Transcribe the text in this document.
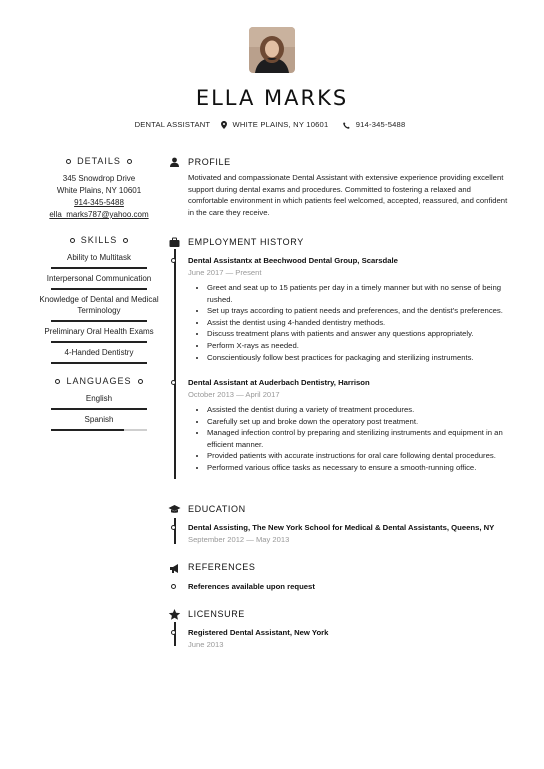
ELLA MARKS
DENTAL ASSISTANT	WHITE PLAINS, NY 10601	914-345-5488
DETAILS

345 Snowdrop Drive

White Plains, NY 10601

914-345-5488

ella_marks787@yahoo.com

SKILLS
Ability to Multitask
Interpersonal Communication
Knowledge of Dental and Medical Terminology
Preliminary Oral Health Exams
4-Handed Dentistry
LANGUAGES
English
Spanish
PROFILE
Motivated and compassionate Dental Assistant with extensive experience providing excellent support during dental exams and procedures. Committed to fostering a relaxed and comfortable environment in which patients feel welcomed, accepted, reassured, and confident in the care they receive.
EMPLOYMENT HISTORY
Dental Assistantx at Beechwood Dental Group, Scarsdale
June 2017 — Present
• Greet and seat up to 15 patients per day in a timely manner but with no sense of being rushed.
• Set up trays according to patient needs and preferences, and the dentist's preferences.
• Assist the dentist using 4-handed dentistry methods.
• Discuss treatment plans with patients and answer any questions appropriately.
• Perform X-rays as needed.
• Conscientiously follow best practices for packaging and sterilizing instruments.
Dental Assistant at Auderbach Dentistry, Harrison
October 2013 — April 2017
• Assisted the dentist during a variety of treatment procedures.
• Carefully set up and broke down the operatory post treatment.
• Managed infection control by preparing and sterilizing instruments and equipment in an efficient manner.
• Provided patients with accurate instructions for oral care following dental procedures.
• Performed various office tasks as necessary to ensure a smooth-running office.
EDUCATION
Dental Assisting, The New York School for Medical & Dental Assistants, Queens, NY
September 2012 — May 2013
REFERENCES
References available upon request
LICENSURE
Registered Dental Assistant, New York
June 2013
